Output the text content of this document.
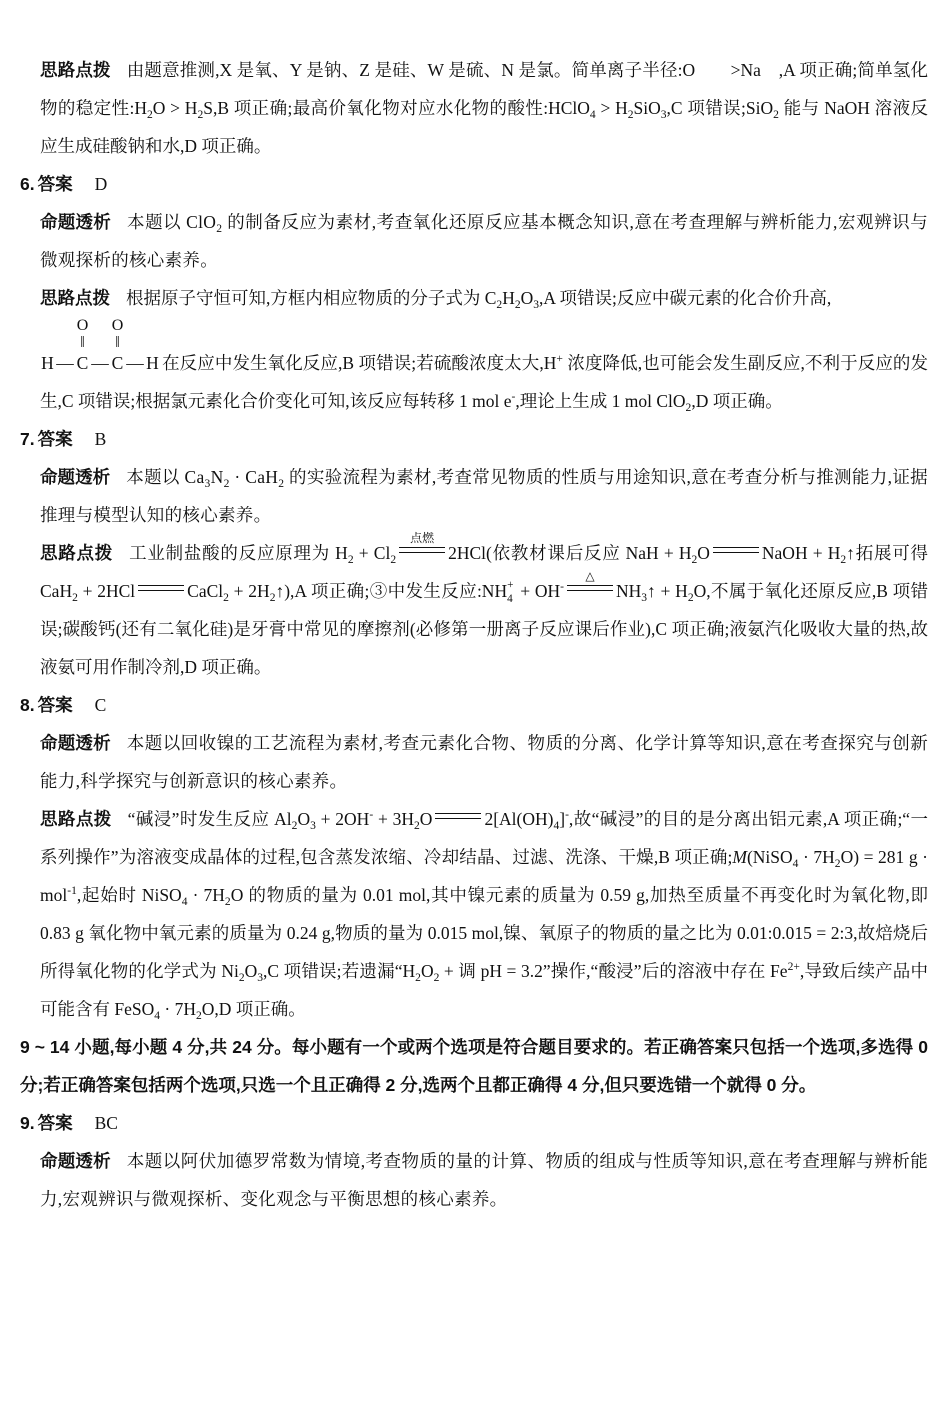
思路点拨 由题意推测,X 是氧、Y 是钠、Z 是硅、W 是硫、N 是氯。简单离子半径:O　　>Na　,A 项正确;简单氢化物的稳定性$:H_2O > H_2S,B$ 项正确;最高价氧化物对应水化物的酸性:HClO$_4$ > $H_2SiO_3,C$ 项错误;SiO$_2$ 能与 NaOH 溶液反应生成硅酸钠和水,D 项正确。
6. 答案 D
命题透析 本题以 ClO$_2$ 的制备反应为素材,考查氧化还原反应基本概念知识,意在考查理解与辨析能力,宏观辨识与微观探析的核心素养。
思路点拨 根据原子守恒可知,方框内相应物质的分子式为 $C_2H_2O_3,A$ 项错误;反应中碳元素的化合价升高,

O O
‖ ‖
H — C — C — H 在反应中发生氧化反应,B 项错误;若硫酸浓度太大,H+ 浓度降低,也可能会发生副反应,不利于反应的发生,C 项错误;根据氯元素化合价变化可知,该反应每转移 1 mol e-,理论上生成 1 mol ClO$_2$,D 项正确。
7. 答案 B
命题透析 本题以 $Ca_3N_2 \cdot CaH_2$ 的实验流程为素材,考查常见物质的性质与用途知识,意在考查分析与推测能力,证据推理与模型认知的核心素养。
思路点拨 工业制盐酸的反应原理为 $H_2 + Cl_2$
点燃
2HCl(依教材课后反应 NaH + $H_2O$	NaOH + $H_2↑$拓展可得 CaH$_2$ + 2HCl	CaCl$_2$ + $2H_2↑),A$ 项正确;③中发生反应:NH +
4 + OH-
△
$NH_3↑ + H_2O$,不属于氧化还原反应,B 项错误;碳酸钙(还有二氧化硅)是牙膏中常见的摩擦剂(必修第一册离子反应课后作业),C 项正确;液氨汽化吸收大量的热,故液氨可用作制冷剂,D 项正确。
8. 答案 C
命题透析 本题以回收镍的工艺流程为素材,考查元素化合物、物质的分离、化学计算等知识,意在考查探究与创新能力,科学探究与创新意识的核心素养。
思路点拨 “碱浸”时发生反应 $Al_2O_3 + 2OH^- + 3H_2O$	$2[Al(OH)_4]^-$,故“碱浸”的目的是分离出铝元素,A 项正确;“一系列操作”为溶液变成晶体的过程,包含蒸发浓缩、冷却结晶、过滤、洗涤、干燥,B 项正确;M(NiSO$_4$ · $7H_2O) = 281$ g · mol$^{-1}$,起始时 NiSO$_4$ · $7H_2O$ 的物质的量为 0.01 mol,其中镍元素的质量为 0.59 g,加热至质量不再变化时为氧化物,即 0.83 g 氧化物中氧元素的质量为 0.24 g,物质的量为 0.015 mol,镍、氧原子的物质的量之比为 0.01:0.015 = 2:3,故焙烧后所得氧化物的化学式为 $Ni_2O_3,C$ 项错误;若遗漏“$H_2O_2$ + 调 pH = 3.2”操作,“酸浸”后的溶液中存在 $Fe^{2+}$,导致后续产品中可能含有 FeSO$_4$ · $7H_2O,D$ 项正确。
9 ~ 14 小题,每小题 4 分,共 24 分。每小题有一个或两个选项是符合题目要求的。若正确答案只包括一个选项,多选得 0 分;若正确答案包括两个选项,只选一个且正确得 2 分,选两个且都正确得 4 分,但只要选错一个就得 0 分。
9. 答案 BC
命题透析 本题以阿伏加德罗常数为情境,考查物质的量的计算、物质的组成与性质等知识,意在考查理解与辨析能力,宏观辨识与微观探析、变化观念与平衡思想的核心素养。
